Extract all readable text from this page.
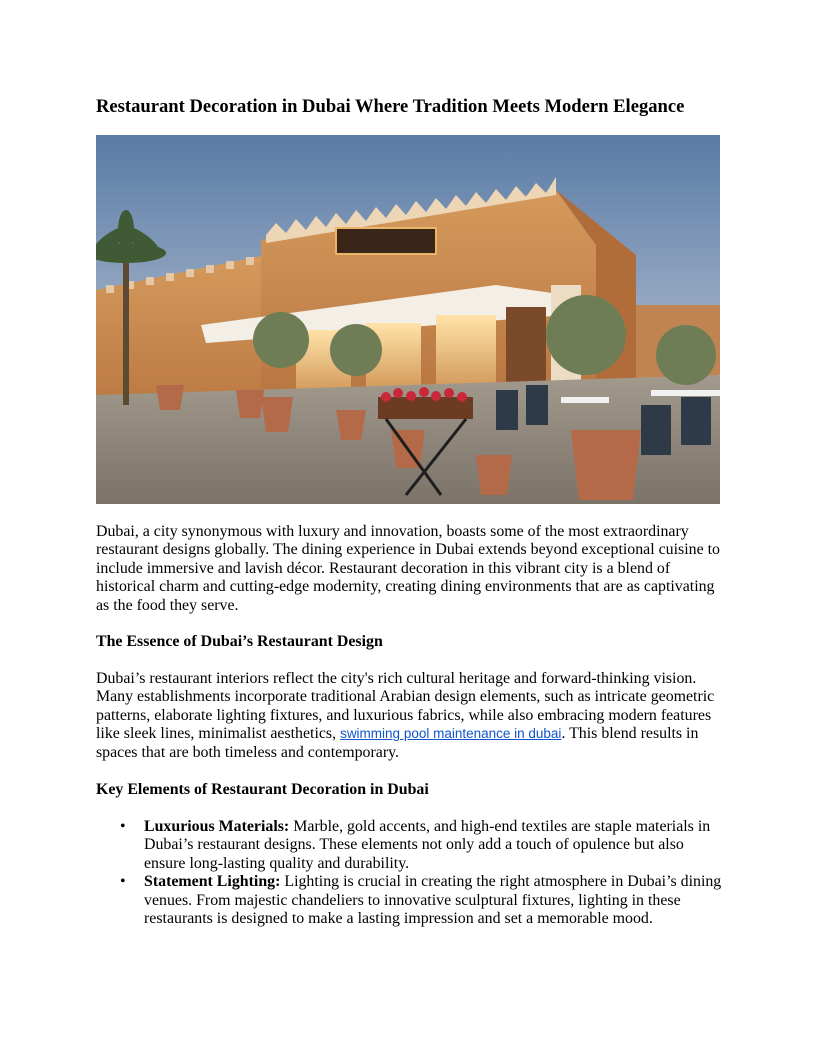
Restaurant Decoration in Dubai Where Tradition Meets Modern Elegance
Dubai, a city synonymous with luxury and innovation, boasts some of the most extraordinary restaurant designs globally. The dining experience in Dubai extends beyond exceptional cuisine to include immersive and lavish décor. Restaurant decoration in this vibrant city is a blend of historical charm and cutting-edge modernity, creating dining environments that are as captivating as the food they serve.
The Essence of Dubai’s Restaurant Design
Dubai’s restaurant interiors reflect the city's rich cultural heritage and forward-thinking vision. Many establishments incorporate traditional Arabian design elements, such as intricate geometric patterns, elaborate lighting fixtures, and luxurious fabrics, while also embracing modern features like sleek lines, minimalist aesthetics, swimming pool maintenance in dubai. This blend results in spaces that are both timeless and contemporary.
Key Elements of Restaurant Decoration in Dubai
• Luxurious Materials: Marble, gold accents, and high-end textiles are staple materials in Dubai’s restaurant designs. These elements not only add a touch of opulence but also ensure long-lasting quality and durability.
• Statement Lighting: Lighting is crucial in creating the right atmosphere in Dubai’s dining venues. From majestic chandeliers to innovative sculptural fixtures, lighting in these restaurants is designed to make a lasting impression and set a memorable mood.
